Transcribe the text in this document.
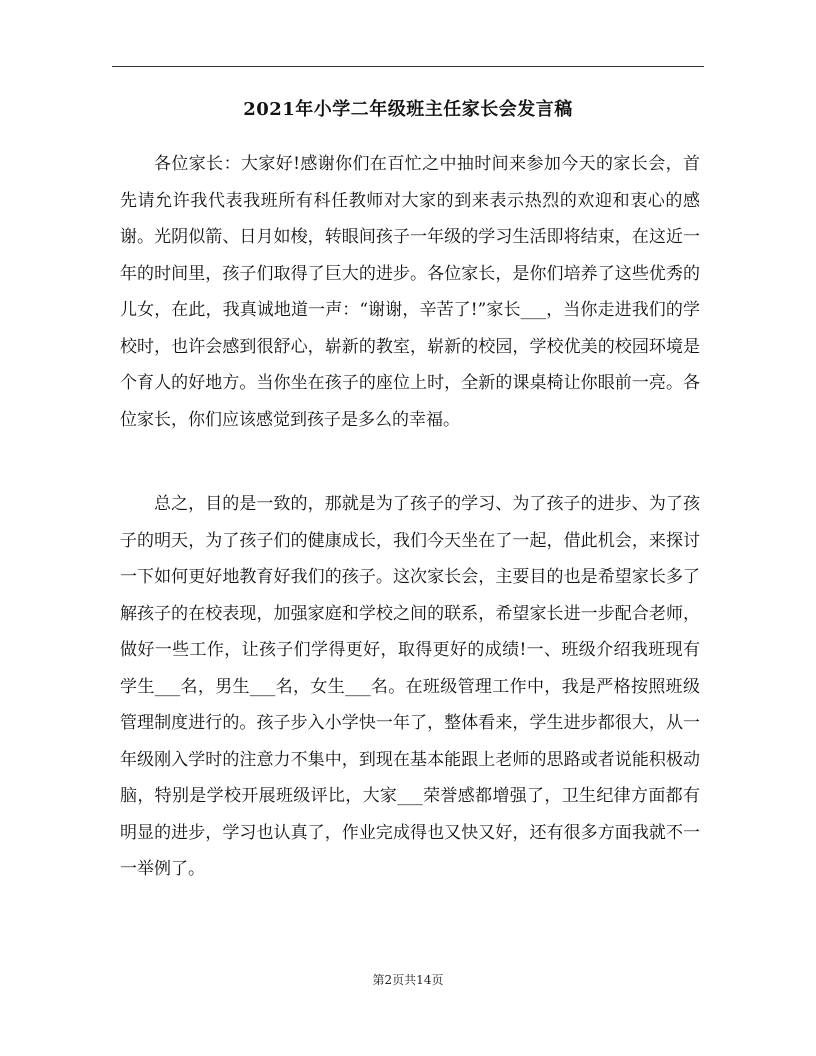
2021年小学二年级班主任家长会发言稿

各位家长：大家好!感谢你们在百忙之中抽时间来参加今天的家长会，首先请允许我代表我班所有科任教师对大家的到来表示热烈的欢迎和衷心的感谢。光阴似箭、日月如梭，转眼间孩子一年级的学习生活即将结束，在这近一年的时间里，孩子们取得了巨大的进步。各位家长，是你们培养了这些优秀的儿女，在此，我真诚地道一声：“谢谢，辛苦了!”家长___，当你走进我们的学校时，也许会感到很舒心，崭新的教室，崭新的校园，学校优美的校园环境是个育人的好地方。当你坐在孩子的座位上时，全新的课桌椅让你眼前一亮。各位家长，你们应该感觉到孩子是多么的幸福。

总之，目的是一致的，那就是为了孩子的学习、为了孩子的进步、为了孩子的明天，为了孩子们的健康成长，我们今天坐在了一起，借此机会，来探讨一下如何更好地教育好我们的孩子。这次家长会，主要目的也是希望家长多了解孩子的在校表现，加强家庭和学校之间的联系，希望家长进一步配合老师，做好一些工作，让孩子们学得更好，取得更好的成绩!一、班级介绍我班现有学生___名，男生___名，女生___名。在班级管理工作中，我是严格按照班级管理制度进行的。孩子步入小学快一年了，整体看来，学生进步都很大，从一年级刚入学时的注意力不集中，到现在基本能跟上老师的思路或者说能积极动脑，特别是学校开展班级评比，大家___荣誉感都增强了，卫生纪律方面都有明显的进步，学习也认真了，作业完成得也又快又好，还有很多方面我就不一一举例了。

第2页共14页
